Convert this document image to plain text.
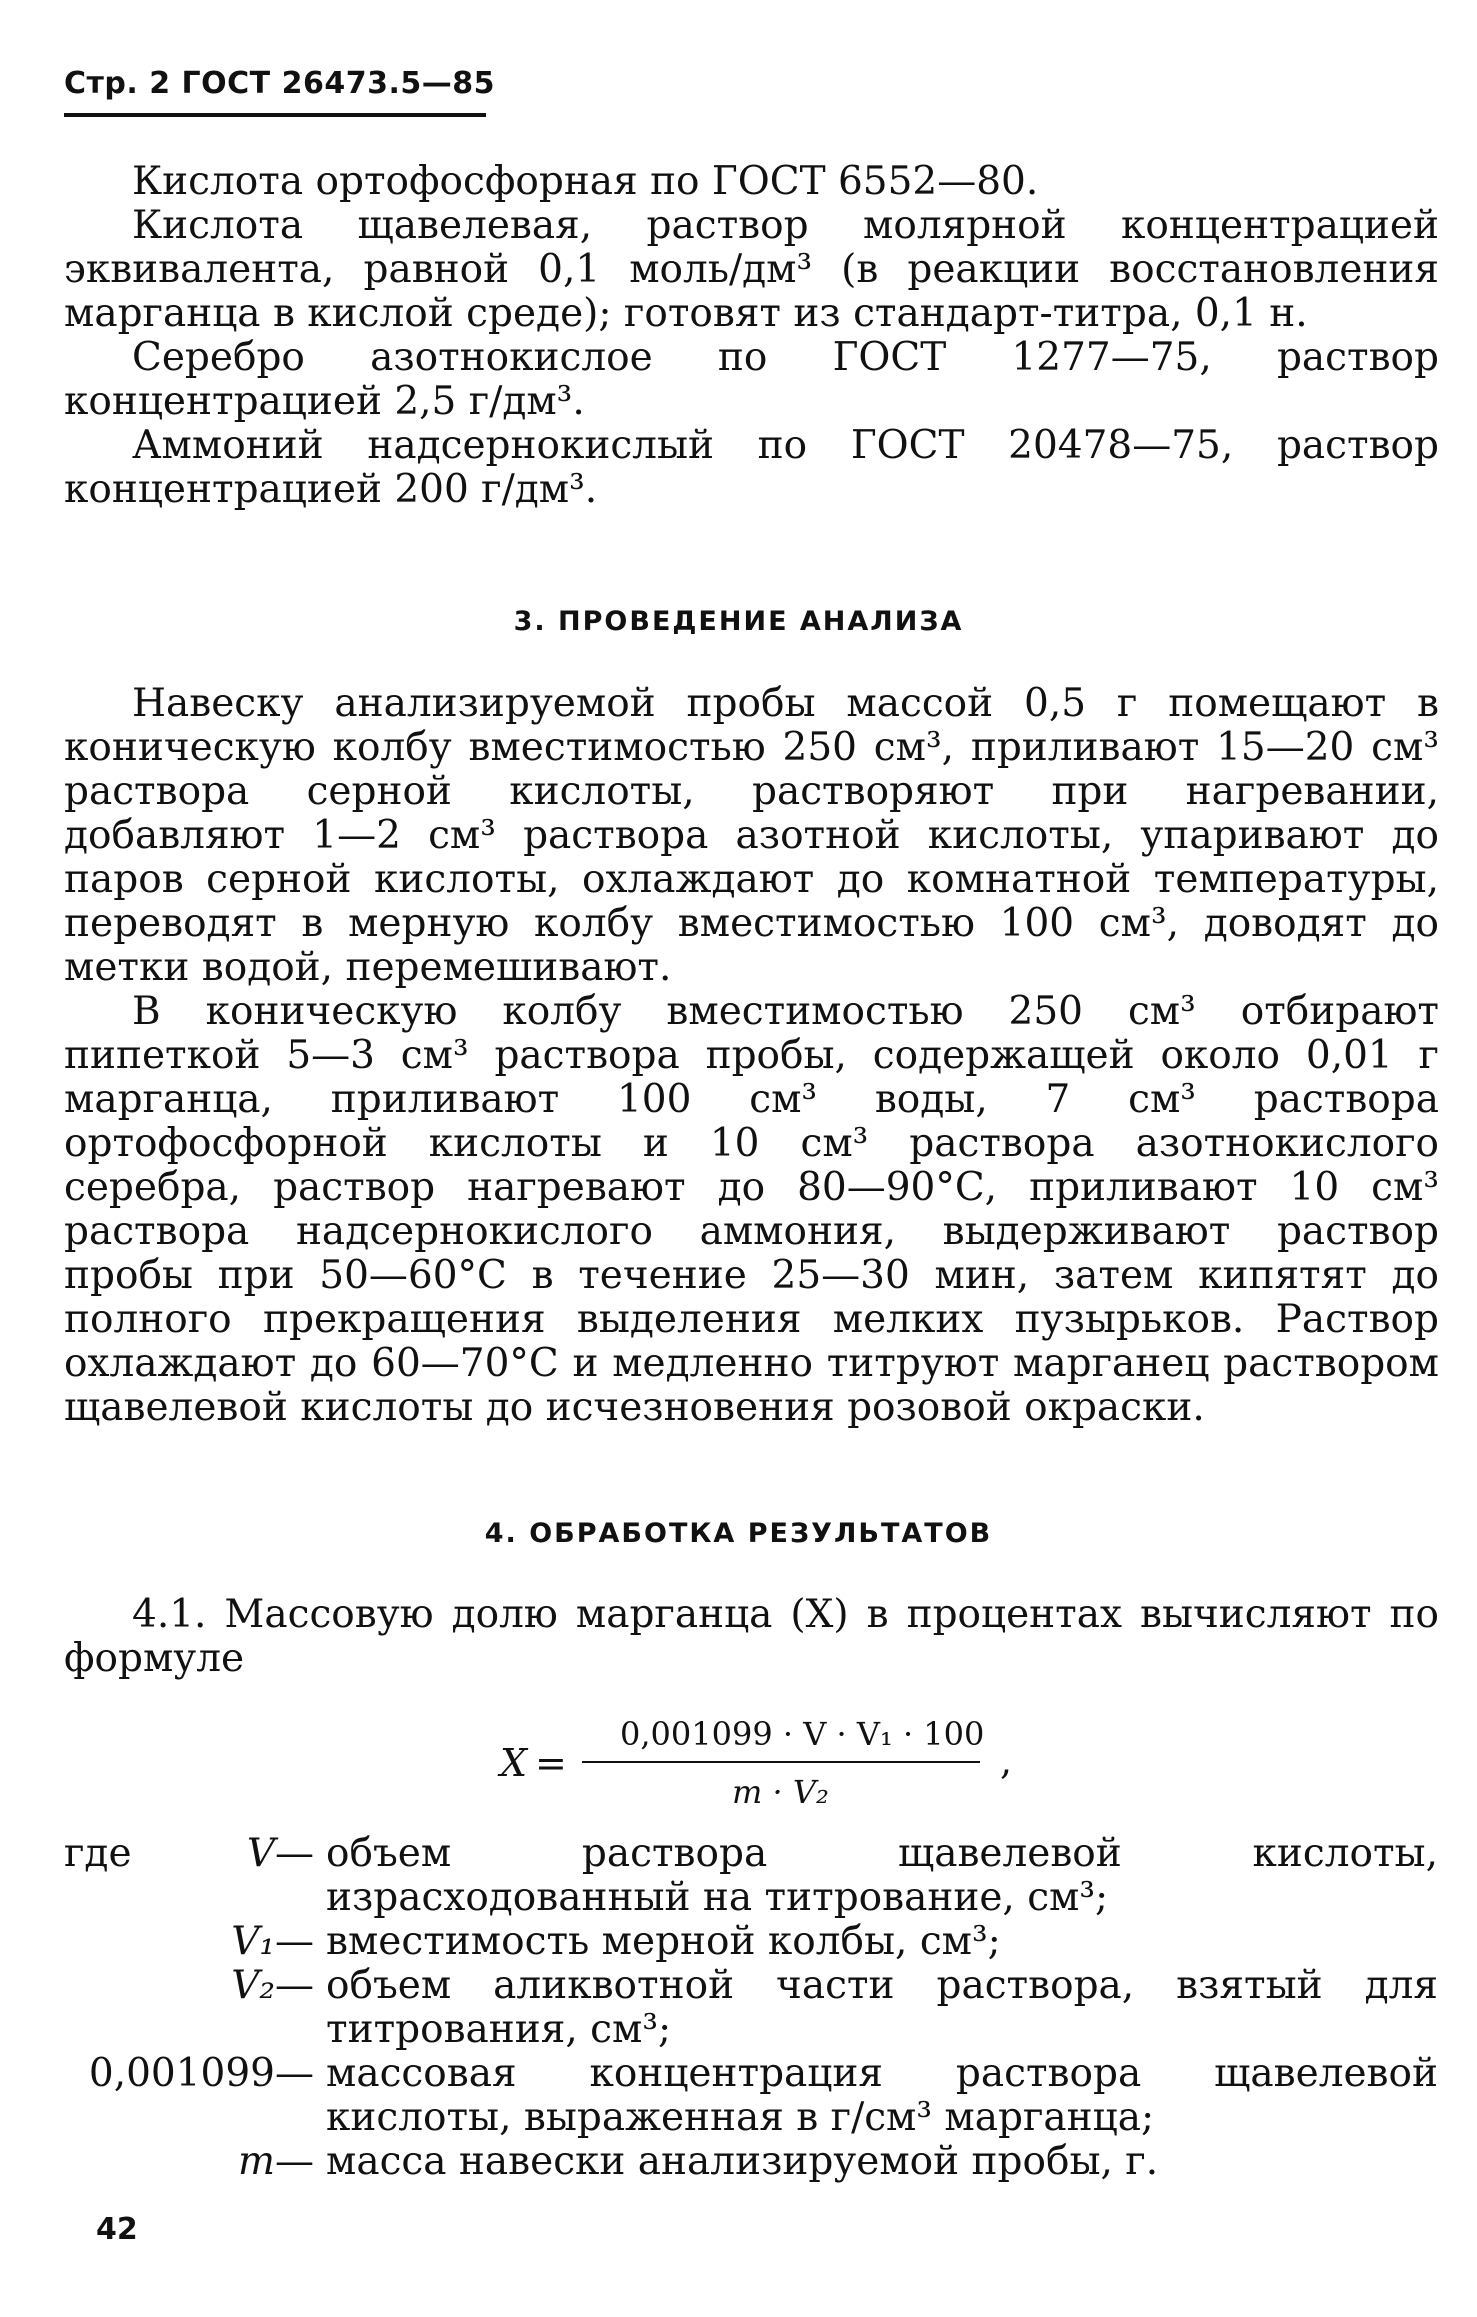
Стр. 2 ГОСТ 26473.5—85

Кислота ортофосфорная по ГОСТ 6552—80.

Кислота щавелевая, раствор молярной концентрацией эквивалента, равной 0,1 моль/дм³ (в реакции восстановления марганца в кислой среде); готовят из стандарт-титра, 0,1 н.

Серебро азотнокислое по ГОСТ 1277—75, раствор концентрацией 2,5 г/дм³.

Аммоний надсернокислый по ГОСТ 20478—75, раствор концентрацией 200 г/дм³.

3. ПРОВЕДЕНИЕ АНАЛИЗА

Навеску анализируемой пробы массой 0,5 г помещают в коническую колбу вместимостью 250 см³, приливают 15—20 см³ раствора серной кислоты, растворяют при нагревании, добавляют 1—2 см³ раствора азотной кислоты, упаривают до паров серной кислоты, охлаждают до комнатной температуры, переводят в мерную колбу вместимостью 100 см³, доводят до метки водой, перемешивают.

В коническую колбу вместимостью 250 см³ отбирают пипеткой 5—3 см³ раствора пробы, содержащей около 0,01 г марганца, приливают 100 см³ воды, 7 см³ раствора ортофосфорной кислоты и 10 см³ раствора азотнокислого серебра, раствор нагревают до 80—90°С, приливают 10 см³ раствора надсернокислого аммония, выдерживают раствор пробы при 50—60°С в течение 25—30 мин, затем кипятят до полного прекращения выделения мелких пузырьков. Раствор охлаждают до 60—70°С и медленно титруют марганец раствором щавелевой кислоты до исчезновения розовой окраски.

4. ОБРАБОТКА РЕЗУЛЬТАТОВ

4.1. Массовую долю марганца (X) в процентах вычисляют по формуле

X =
0,001099 · V · V₁ · 100
m · V₂
,
где	V — объем раствора щавелевой кислоты, израсходованный на титрование, см³;
V₁ — вместимость мерной колбы, см³;
V₂ — объем аликвотной части раствора, взятый для титрования, см³;
0,001099 — массовая концентрация раствора щавелевой кислоты, выраженная в г/см³ марганца;
m — масса навески анализируемой пробы, г.
42
